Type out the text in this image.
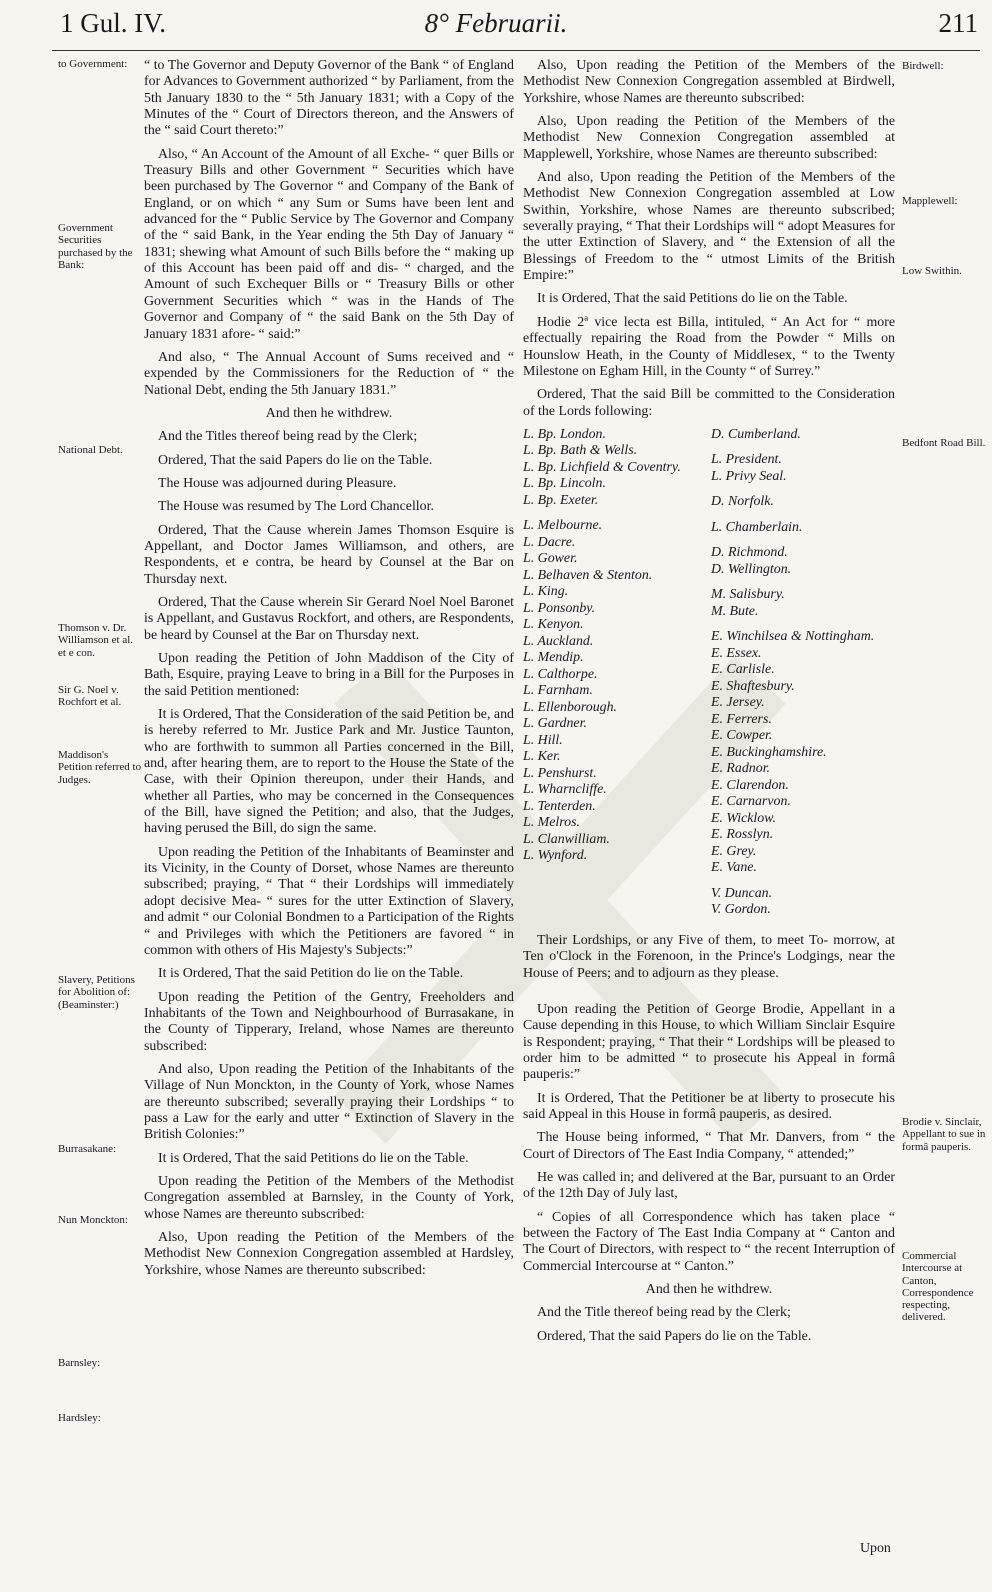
1 Gul. IV.	8° Februarii.	211
to Government:
Government Securities purchased by the Bank:
National Debt.
Thomson v. Dr. Williamson et al. et e con.
Sir G. Noel v. Rochfort et al.
Maddison's Petition referred to Judges.
Slavery, Petitions for Abolition of: (Beaminster:)
Burrasakane:
Nun Monckton:
Barnsley:
Hardsley:
Birdwell:
Mapplewell:
Low Swithin.
Bedfont Road Bill.
Brodie v. Sinclair, Appellant to sue in formâ pauperis.
Commercial Intercourse at Canton, Correspondence respecting, delivered.

“ to The Governor and Deputy Governor of the Bank “ of England for Advances to Government authorized “ by Parliament, from the 5th January 1830 to the “ 5th January 1831; with a Copy of the Minutes of the “ Court of Directors thereon, and the Answers of the “ said Court thereto:”

Also, “ An Account of the Amount of all Exche- “ quer Bills or Treasury Bills and other Government “ Securities which have been purchased by The Governor “ and Company of the Bank of England, or on which “ any Sum or Sums have been lent and advanced for the “ Public Service by The Governor and Company of the “ said Bank, in the Year ending the 5th Day of January “ 1831; shewing what Amount of such Bills before the “ making up of this Account has been paid off and dis- “ charged, and the Amount of such Exchequer Bills or “ Treasury Bills or other Government Securities which “ was in the Hands of The Governor and Company of “ the said Bank on the 5th Day of January 1831 afore- “ said:”

And also, “ The Annual Account of Sums received and “ expended by the Commissioners for the Reduction of “ the National Debt, ending the 5th January 1831.”

And then he withdrew.

And the Titles thereof being read by the Clerk;

Ordered, That the said Papers do lie on the Table.

The House was adjourned during Pleasure.

The House was resumed by The Lord Chancellor.

Ordered, That the Cause wherein James Thomson Esquire is Appellant, and Doctor James Williamson, and others, are Respondents, et e contra, be heard by Counsel at the Bar on Thursday next.

Ordered, That the Cause wherein Sir Gerard Noel Noel Baronet is Appellant, and Gustavus Rockfort, and others, are Respondents, be heard by Counsel at the Bar on Thursday next.

Upon reading the Petition of John Maddison of the City of Bath, Esquire, praying Leave to bring in a Bill for the Purposes in the said Petition mentioned:

It is Ordered, That the Consideration of the said Petition be, and is hereby referred to Mr. Justice Park and Mr. Justice Taunton, who are forthwith to summon all Parties concerned in the Bill, and, after hearing them, are to report to the House the State of the Case, with their Opinion thereupon, under their Hands, and whether all Parties, who may be concerned in the Consequences of the Bill, have signed the Petition; and also, that the Judges, having perused the Bill, do sign the same.

Upon reading the Petition of the Inhabitants of Beaminster and its Vicinity, in the County of Dorset, whose Names are thereunto subscribed; praying, “ That “ their Lordships will immediately adopt decisive Mea- “ sures for the utter Extinction of Slavery, and admit “ our Colonial Bondmen to a Participation of the Rights “ and Privileges with which the Petitioners are favored “ in common with others of His Majesty's Subjects:”

It is Ordered, That the said Petition do lie on the Table.

Upon reading the Petition of the Gentry, Freeholders and Inhabitants of the Town and Neighbourhood of Burrasakane, in the County of Tipperary, Ireland, whose Names are thereunto subscribed:

And also, Upon reading the Petition of the Inhabitants of the Village of Nun Monckton, in the County of York, whose Names are thereunto subscribed; severally praying their Lordships “ to pass a Law for the early and utter “ Extinction of Slavery in the British Colonies:”

It is Ordered, That the said Petitions do lie on the Table.

Upon reading the Petition of the Members of the Methodist Congregation assembled at Barnsley, in the County of York, whose Names are thereunto subscribed:

Also, Upon reading the Petition of the Members of the Methodist New Connexion Congregation assembled at Hardsley, Yorkshire, whose Names are thereunto subscribed:

Also, Upon reading the Petition of the Members of the Methodist New Connexion Congregation assembled at Birdwell, Yorkshire, whose Names are thereunto subscribed:

Also, Upon reading the Petition of the Members of the Methodist New Connexion Congregation assembled at Mapplewell, Yorkshire, whose Names are thereunto subscribed:

And also, Upon reading the Petition of the Members of the Methodist New Connexion Congregation assembled at Low Swithin, Yorkshire, whose Names are thereunto subscribed; severally praying, “ That their Lordships will “ adopt Measures for the utter Extinction of Slavery, and “ the Extension of all the Blessings of Freedom to the “ utmost Limits of the British Empire:”

It is Ordered, That the said Petitions do lie on the Table.

Hodie 2ª vice lecta est Billa, intituled, “ An Act for “ more effectually repairing the Road from the Powder “ Mills on Hounslow Heath, in the County of Middlesex, “ to the Twenty Milestone on Egham Hill, in the County “ of Surrey.”

Ordered, That the said Bill be committed to the Consideration of the Lords following:

L. Bp. London.
L. Bp. Bath & Wells.
L. Bp. Lichfield & Coventry.
L. Bp. Lincoln.
L. Bp. Exeter.
L. Melbourne.
L. Dacre.
L. Gower.
L. Belhaven & Stenton.
L. King.
L. Ponsonby.
L. Kenyon.
L. Auckland.
L. Mendip.
L. Calthorpe.
L. Farnham.
L. Ellenborough.
L. Gardner.
L. Hill.
L. Ker.
L. Penshurst.
L. Wharncliffe.
L. Tenterden.
L. Melros.
L. Clanwilliam.
L. Wynford.
D. Cumberland.
L. President.
L. Privy Seal.
D. Norfolk.
L. Chamberlain.
D. Richmond.
D. Wellington.
M. Salisbury.
M. Bute.
E. Winchilsea & Nottingham.
E. Essex.
E. Carlisle.
E. Shaftesbury.
E. Jersey.
E. Ferrers.
E. Cowper.
E. Buckinghamshire.
E. Radnor.
E. Clarendon.
E. Carnarvon.
E. Wicklow.
E. Rosslyn.
E. Grey.
E. Vane.
V. Duncan.
V. Gordon.

Their Lordships, or any Five of them, to meet To- morrow, at Ten o'Clock in the Forenoon, in the Prince's Lodgings, near the House of Peers; and to adjourn as they please.

Upon reading the Petition of George Brodie, Appellant in a Cause depending in this House, to which William Sinclair Esquire is Respondent; praying, “ That their “ Lordships will be pleased to order him to be admitted “ to prosecute his Appeal in formâ pauperis:”

It is Ordered, That the Petitioner be at liberty to prosecute his said Appeal in this House in formâ pauperis, as desired.

The House being informed, “ That Mr. Danvers, from “ the Court of Directors of The East India Company, “ attended;”

He was called in; and delivered at the Bar, pursuant to an Order of the 12th Day of July last,

“ Copies of all Correspondence which has taken place “ between the Factory of The East India Company at “ Canton and The Court of Directors, with respect to “ the recent Interruption of Commercial Intercourse at “ Canton.”

And then he withdrew.

And the Title thereof being read by the Clerk;

Ordered, That the said Papers do lie on the Table.

Upon
